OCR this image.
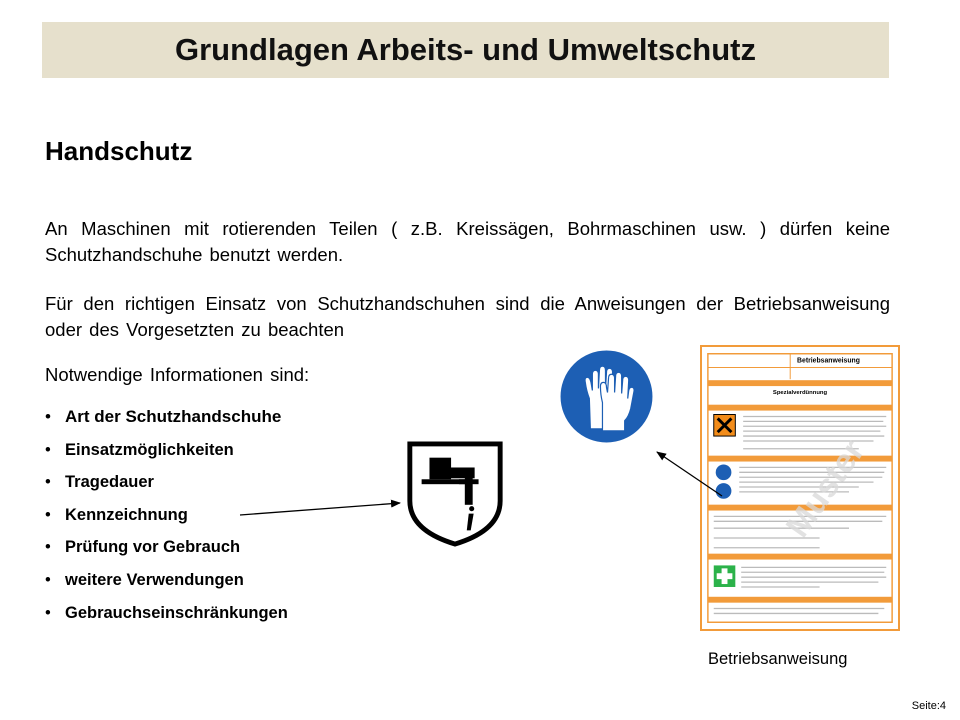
Grundlagen Arbeits- und Umweltschutz
Handschutz
An Maschinen mit rotierenden Teilen ( z.B. Kreissägen, Bohrmaschinen usw. ) dürfen keine Schutzhandschuhe benutzt werden.
Für den richtigen Einsatz von Schutzhandschuhen sind die Anweisungen der Betriebsanweisung oder des Vorgesetzten zu beachten
Notwendige Informationen sind:
• Art der Schutzhandschuhe
• Einsatzmöglichkeiten
• Tragedauer
• Kennzeichnung
• Prüfung vor Gebrauch
• weitere Verwendungen
• Gebrauchseinschränkungen
Betriebsanweisung
Spezialverdünnung
Muster
Betriebsanweisung
Seite:4
